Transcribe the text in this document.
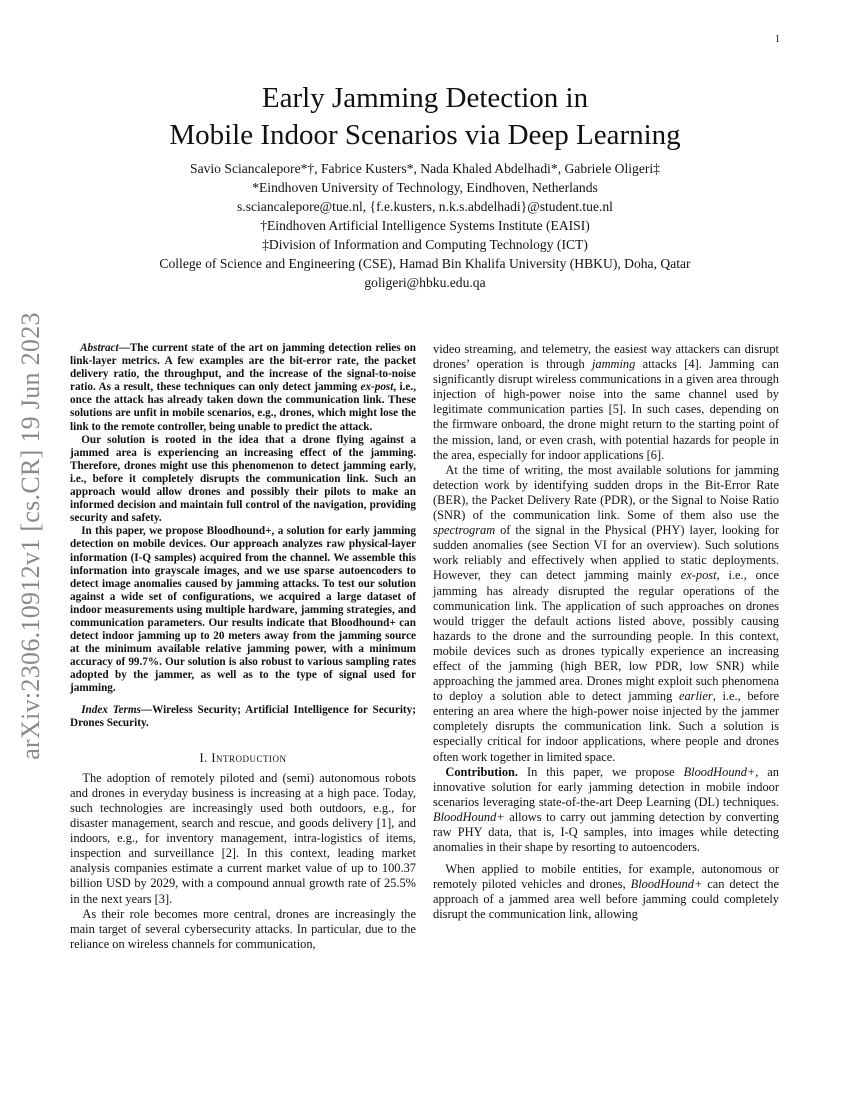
1
arXiv:2306.10912v1 [cs.CR] 19 Jun 2023
Early Jamming Detection in
Mobile Indoor Scenarios via Deep Learning
Savio Sciancalepore*†, Fabrice Kusters*, Nada Khaled Abdelhadi*, Gabriele Oligeri‡
*Eindhoven University of Technology, Eindhoven, Netherlands
s.sciancalepore@tue.nl, {f.e.kusters, n.k.s.abdelhadi}@student.tue.nl
†Eindhoven Artificial Intelligence Systems Institute (EAISI)
‡Division of Information and Computing Technology (ICT)
College of Science and Engineering (CSE), Hamad Bin Khalifa University (HBKU), Doha, Qatar
goligeri@hbku.edu.qa

Abstract—The current state of the art on jamming detection relies on link-layer metrics. A few examples are the bit-error rate, the packet delivery ratio, the throughput, and the increase of the signal-to-noise ratio. As a result, these techniques can only detect jamming ex-post, i.e., once the attack has already taken down the communication link. These solutions are unfit in mobile scenarios, e.g., drones, which might lose the link to the remote controller, being unable to predict the attack.

Our solution is rooted in the idea that a drone flying against a jammed area is experiencing an increasing effect of the jamming. Therefore, drones might use this phenomenon to detect jamming early, i.e., before it completely disrupts the communication link. Such an approach would allow drones and possibly their pilots to make an informed decision and maintain full control of the navigation, providing security and safety.

In this paper, we propose Bloodhound+, a solution for early jamming detection on mobile devices. Our approach analyzes raw physical-layer information (I-Q samples) acquired from the channel. We assemble this information into grayscale images, and we use sparse autoencoders to detect image anomalies caused by jamming attacks. To test our solution against a wide set of configurations, we acquired a large dataset of indoor measurements using multiple hardware, jamming strategies, and communication parameters. Our results indicate that Bloodhound+ can detect indoor jamming up to 20 meters away from the jamming source at the minimum available relative jamming power, with a minimum accuracy of 99.7%. Our solution is also robust to various sampling rates adopted by the jammer, as well as to the type of signal used for jamming.

Index Terms—Wireless Security; Artificial Intelligence for Security; Drones Security.

I. Introduction

The adoption of remotely piloted and (semi) autonomous robots and drones in everyday business is increasing at a high pace. Today, such technologies are increasingly used both outdoors, e.g., for disaster management, search and rescue, and goods delivery [1], and indoors, e.g., for inventory management, intra-logistics of items, inspection and surveillance [2]. In this context, leading market analysis companies estimate a current market value of up to 100.37 billion USD by 2029, with a compound annual growth rate of 25.5% in the next years [3].

As their role becomes more central, drones are increasingly the main target of several cybersecurity attacks. In particular, due to the reliance on wireless channels for communication,

video streaming, and telemetry, the easiest way attackers can disrupt drones’ operation is through jamming attacks [4]. Jamming can significantly disrupt wireless communications in a given area through injection of high-power noise into the same channel used by legitimate communication parties [5]. In such cases, depending on the firmware onboard, the drone might return to the starting point of the mission, land, or even crash, with potential hazards for people in the area, especially for indoor applications [6].

At the time of writing, the most available solutions for jamming detection work by identifying sudden drops in the Bit-Error Rate (BER), the Packet Delivery Rate (PDR), or the Signal to Noise Ratio (SNR) of the communication link. Some of them also use the spectrogram of the signal in the Physical (PHY) layer, looking for sudden anomalies (see Section VI for an overview). Such solutions work reliably and effectively when applied to static deployments. However, they can detect jamming mainly ex-post, i.e., once jamming has already disrupted the regular operations of the communication link. The application of such approaches on drones would trigger the default actions listed above, possibly causing hazards to the drone and the surrounding people. In this context, mobile devices such as drones typically experience an increasing effect of the jamming (high BER, low PDR, low SNR) while approaching the jammed area. Drones might exploit such phenomena to deploy a solution able to detect jamming earlier, i.e., before entering an area where the high-power noise injected by the jammer completely disrupts the communication link. Such a solution is especially critical for indoor applications, where people and drones often work together in limited space.

Contribution. In this paper, we propose BloodHound+, an innovative solution for early jamming detection in mobile indoor scenarios leveraging state-of-the-art Deep Learning (DL) techniques. BloodHound+ allows to carry out jamming detection by converting raw PHY data, that is, I-Q samples, into images while detecting anomalies in their shape by resorting to autoencoders.

When applied to mobile entities, for example, autonomous or remotely piloted vehicles and drones, BloodHound+ can detect the approach of a jammed area well before jamming could completely disrupt the communication link, allowing
